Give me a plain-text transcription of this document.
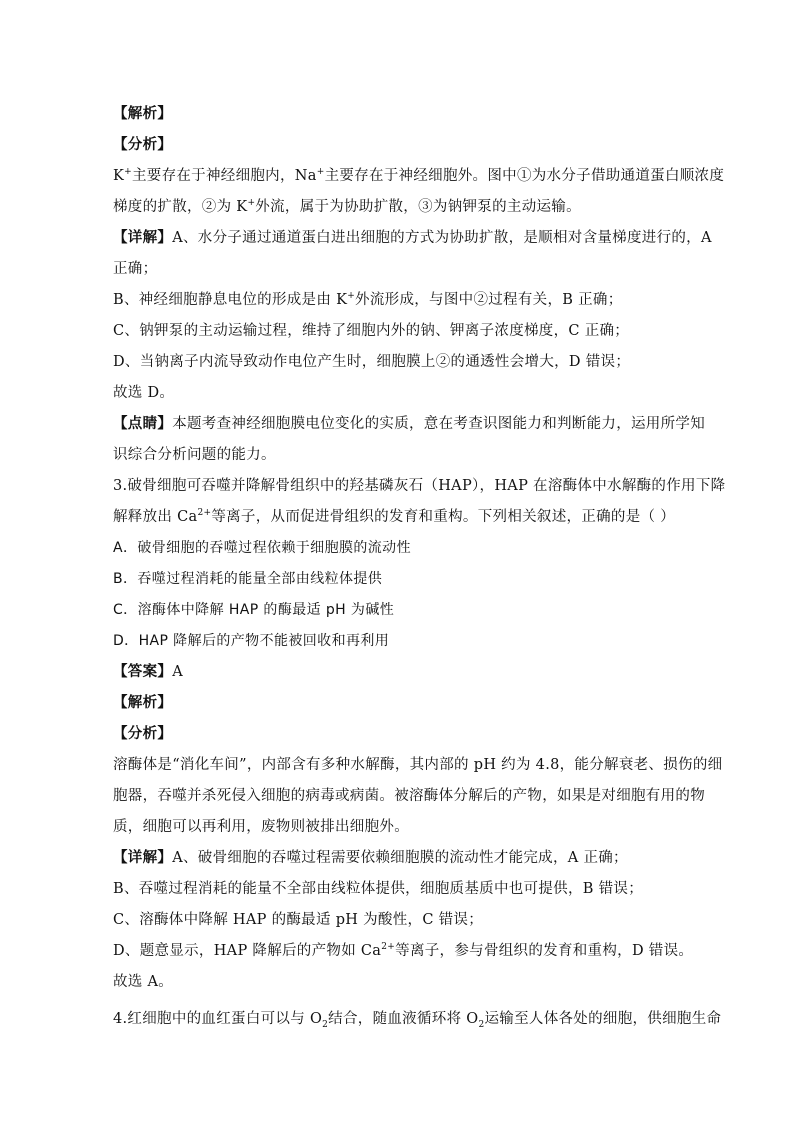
【解析】
【分析】
K+主要存在于神经细胞内，Na+主要存在于神经细胞外。图中①为水分子借助通道蛋白顺浓度
梯度的扩散，②为 K+外流，属于为协助扩散，③为钠钾泵的主动运输。
【详解】A、水分子通过通道蛋白进出细胞的方式为协助扩散，是顺相对含量梯度进行的，A
正确；
B、神经细胞静息电位的形成是由 K+外流形成，与图中②过程有关，B 正确；
C、钠钾泵的主动运输过程，维持了细胞内外的钠、钾离子浓度梯度，C 正确；
D、当钠离子内流导致动作电位产生时，细胞膜上②的通透性会增大，D 错误；
故选 D。
【点睛】本题考查神经细胞膜电位变化的实质，意在考查识图能力和判断能力，运用所学知
识综合分析问题的能力。
3.破骨细胞可吞噬并降解骨组织中的羟基磷灰石（HAP），HAP 在溶酶体中水解酶的作用下降
解释放出 $Ca^{2+}$等离子，从而促进骨组织的发育和重构。下列相关叙述，正确的是（ ）
A．破骨细胞的吞噬过程依赖于细胞膜的流动性
B．吞噬过程消耗的能量全部由线粒体提供
C．溶酶体中降解 HAP 的酶最适 pH 为碱性
D．HAP 降解后的产物不能被回收和再利用
【答案】A
【解析】
【分析】
溶酶体是“消化车间”，内部含有多种水解酶，其内部的 pH 约为 4.8，能分解衰老、损伤的细
胞器，吞噬并杀死侵入细胞的病毒或病菌。被溶酶体分解后的产物，如果是对细胞有用的物
质，细胞可以再利用，废物则被排出细胞外。
【详解】A、破骨细胞的吞噬过程需要依赖细胞膜的流动性才能完成，A 正确；
B、吞噬过程消耗的能量不全部由线粒体提供，细胞质基质中也可提供，B 错误；
C、溶酶体中降解 HAP 的酶最适 pH 为酸性，C 错误；
D、题意显示，HAP 降解后的产物如 $Ca^{2+}$等离子，参与骨组织的发育和重构，D 错误。
故选 A。
4.红细胞中的血红蛋白可以与 $O_2$结合，随血液循环将 $O_2$运输至人体各处的细胞，供细胞生命
